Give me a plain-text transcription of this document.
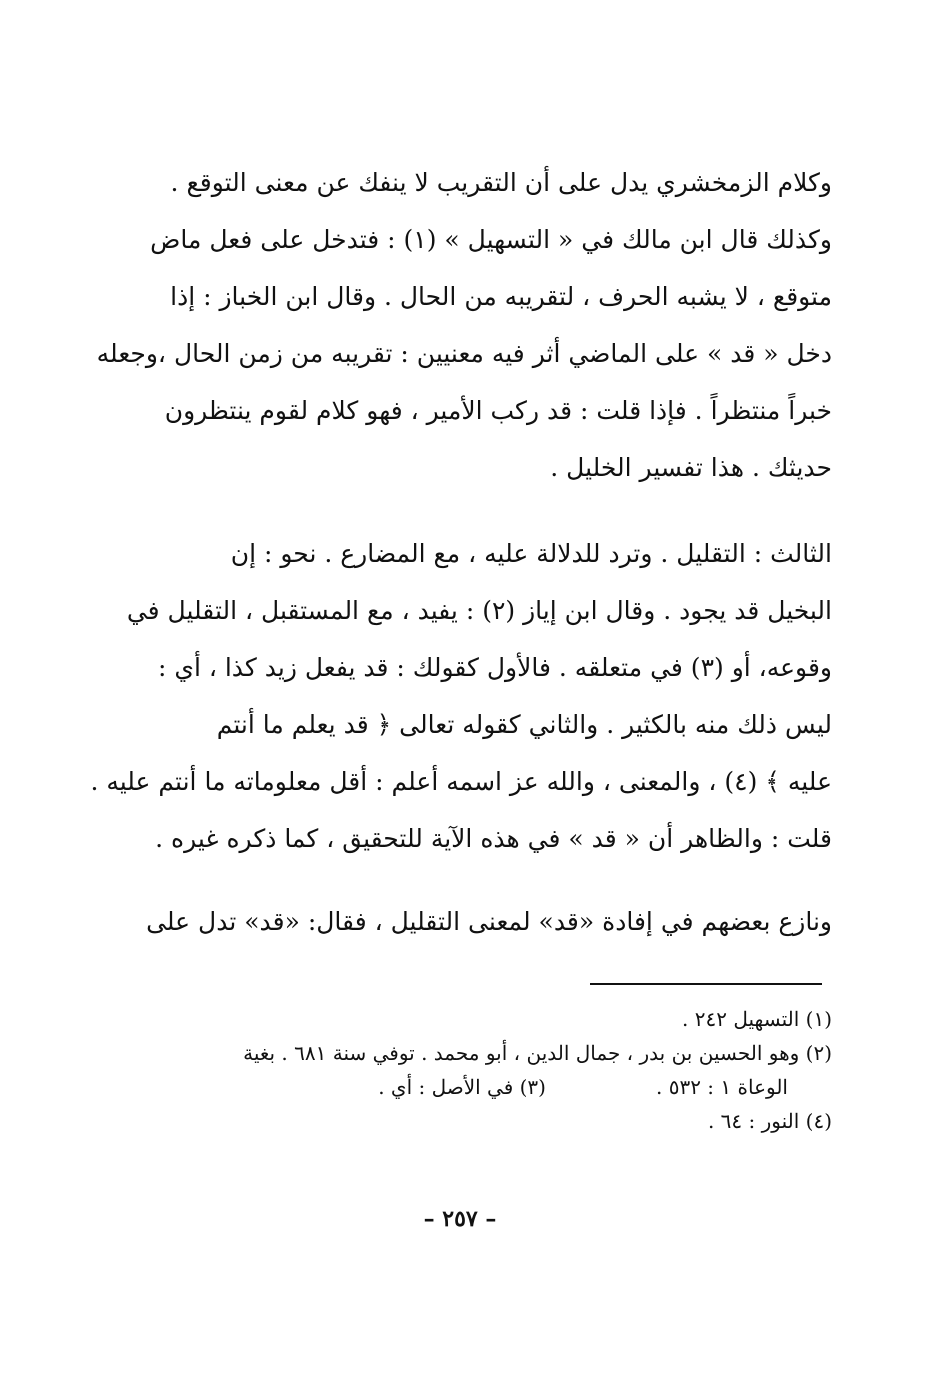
وكلام الزمخشري يدل على أن التقريب لا ينفك عن معنى التوقع .
وكذلك قال ابن مالك في « التسهيل » (١) : فتدخل على فعل ماض
متوقع ، لا يشبه الحرف ، لتقريبه من الحال . وقال ابن الخباز : إذا
دخل « قد » على الماضي أثر فيه معنيين : تقريبه من زمن الحال ،وجعله
خبراً منتظراً . فإذا قلت : قد ركب الأمير ، فهو كلام لقوم ينتظرون
حديثك . هذا تفسير الخليل .
الثالث : التقليل . وترد للدلالة عليه ، مع المضارع . نحو : إن
البخيل قد يجود . وقال ابن إياز (٢) : يفيد ، مع المستقبل ، التقليل في
وقوعه، أو (٣) في متعلقه . فالأول كقولك : قد يفعل زيد كذا ، أي :
ليس ذلك منه بالكثير . والثاني كقوله تعالى ﴿ قد يعلم ما أنتم
عليه ﴾ (٤) ، والمعنى ، والله عز اسمه أعلم : أقل معلوماته ما أنتم عليه .
قلت : والظاهر أن « قد » في هذه الآية للتحقيق ، كما ذكره غيره .
ونازع بعضهم في إفادة «قد» لمعنى التقليل ، فقال: «قد» تدل على
(١) التسهيل ٢٤٢ .
(٢) وهو الحسين بن بدر ، جمال الدين ، أبو محمد . توفي سنة ٦٨١ . بغية
الوعاة ١ : ٥٣٢ .(٣) في الأصل : أي .
(٤) النور : ٦٤ .
– ٢٥٧ –
